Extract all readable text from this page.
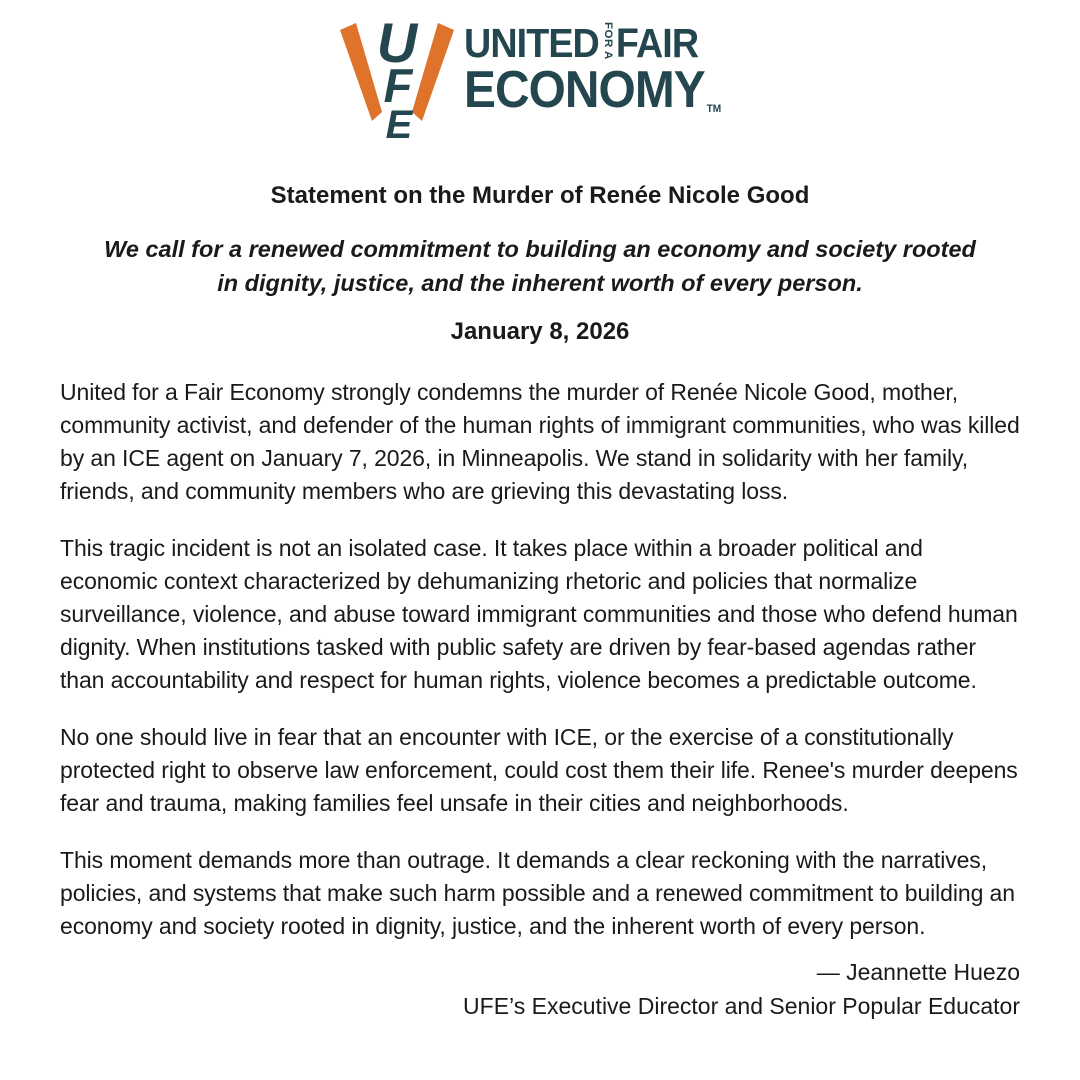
U
F
E
UNITED FOR A FAIR
ECONOMY TM
Statement on the Murder of Renée Nicole Good
We call for a renewed commitment to building an economy and society rooted
in dignity, justice, and the inherent worth of every person.
January 8, 2026

United for a Fair Economy strongly condemns the murder of Renée Nicole Good, mother, community activist, and defender of the human rights of immigrant communities, who was killed by an ICE agent on January 7, 2026, in Minneapolis. We stand in solidarity with her family, friends, and community members who are grieving this devastating loss.

This tragic incident is not an isolated case. It takes place within a broader political and economic context characterized by dehumanizing rhetoric and policies that normalize surveillance, violence, and abuse toward immigrant communities and those who defend human dignity. When institutions tasked with public safety are driven by fear-based agendas rather than accountability and respect for human rights, violence becomes a predictable outcome.

No one should live in fear that an encounter with ICE, or the exercise of a constitutionally protected right to observe law enforcement, could cost them their life. Renee's murder deepens fear and trauma, making families feel unsafe in their cities and neighborhoods.

This moment demands more than outrage. It demands a clear reckoning with the narratives, policies, and systems that make such harm possible and a renewed commitment to building an economy and society rooted in dignity, justice, and the inherent worth of every person.

— Jeannette Huezo
UFE’s Executive Director and Senior Popular Educator
